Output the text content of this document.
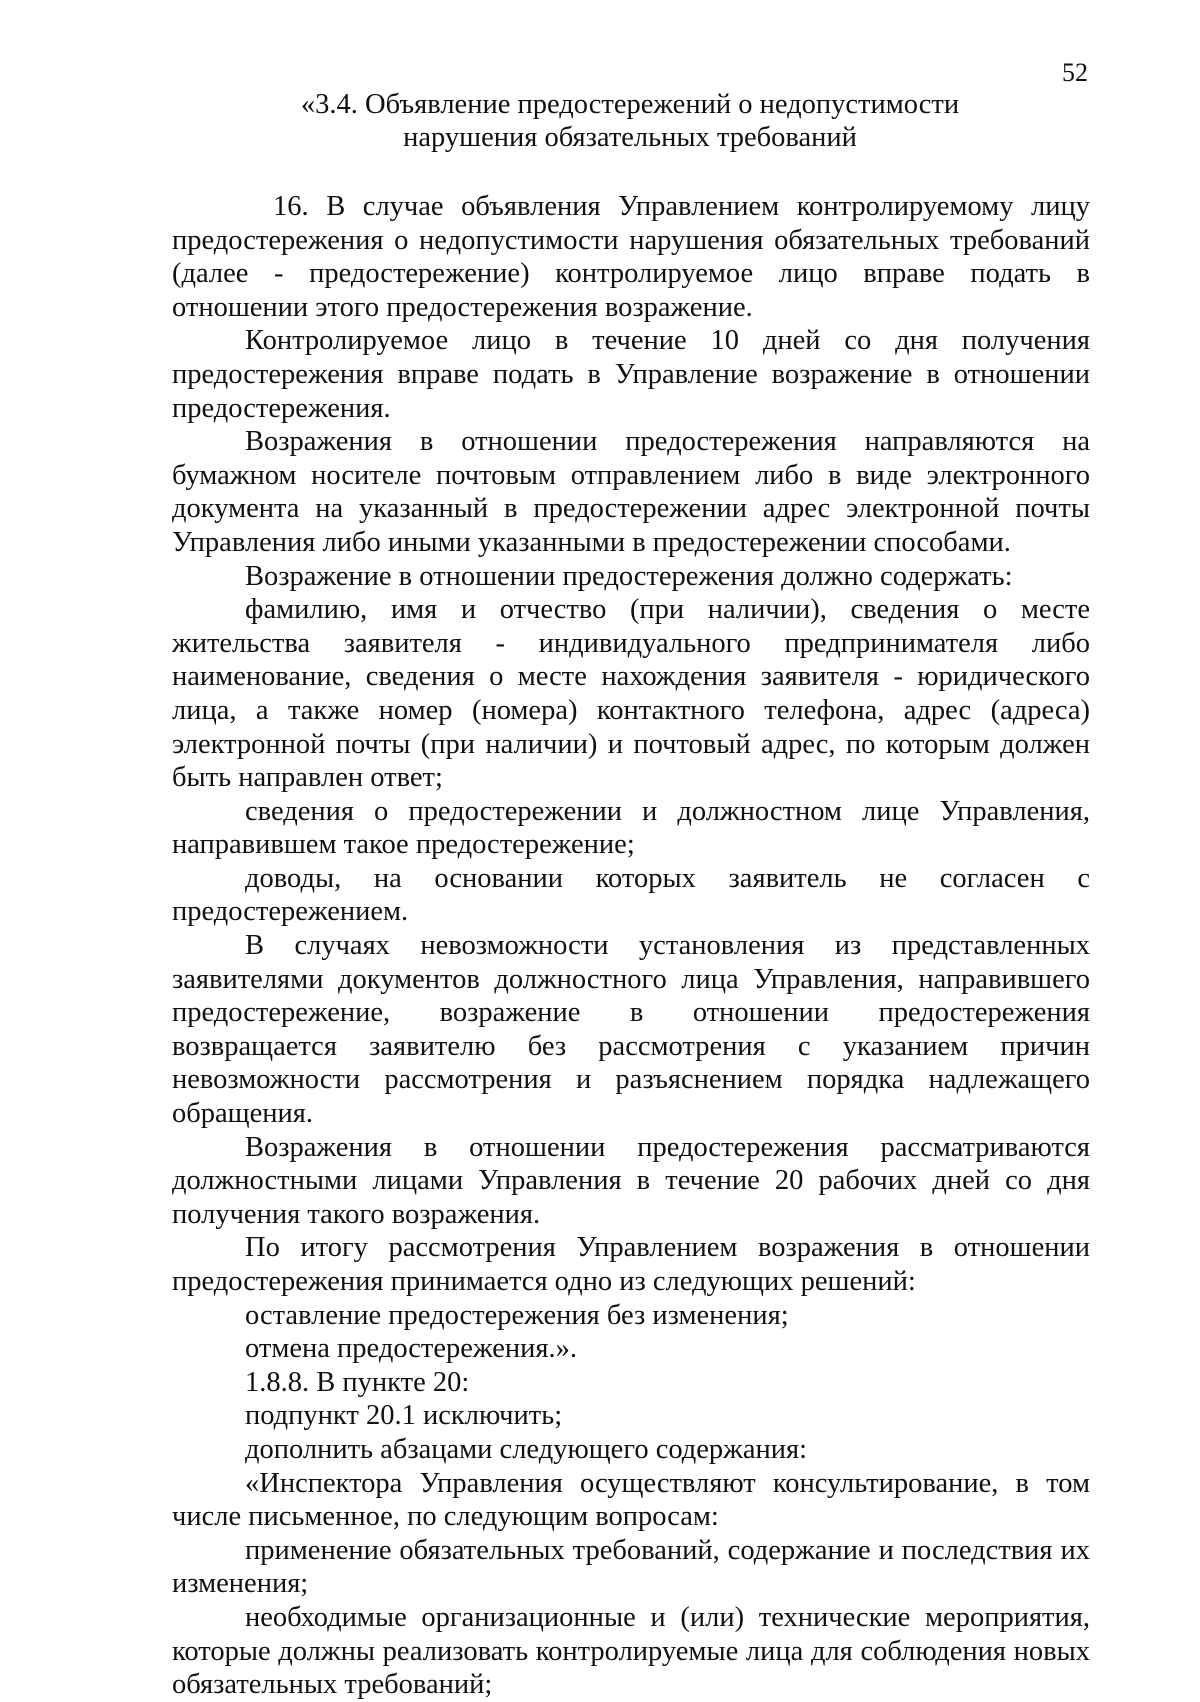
52
«3.4. Объявление предостережений о недопустимости
нарушения обязательных требований

16. В случае объявления Управлением контролируемому лицу предостережения о недопустимости нарушения обязательных требований (далее - предостережение) контролируемое лицо вправе подать в отношении этого предостережения возражение.

Контролируемое лицо в течение 10 дней со дня получения предостережения вправе подать в Управление возражение в отношении предостережения.

Возражения в отношении предостережения направляются на бумажном носителе почтовым отправлением либо в виде электронного документа на указанный в предостережении адрес электронной почты Управления либо иными указанными в предостережении способами.

Возражение в отношении предостережения должно содержать:

фамилию, имя и отчество (при наличии), сведения о месте жительства заявителя - индивидуального предпринимателя либо наименование, сведения о месте нахождения заявителя - юридического лица, а также номер (номера) контактного телефона, адрес (адреса) электронной почты (при наличии) и почтовый адрес, по которым должен быть направлен ответ;

сведения о предостережении и должностном лице Управления, направившем такое предостережение;

доводы, на основании которых заявитель не согласен с предостережением.

В случаях невозможности установления из представленных заявителями документов должностного лица Управления, направившего предостережение, возражение в отношении предостережения возвращается заявителю без рассмотрения с указанием причин невозможности рассмотрения и разъяснением порядка надлежащего обращения.

Возражения в отношении предостережения рассматриваются должностными лицами Управления в течение 20 рабочих дней со дня получения такого возражения.

По итогу рассмотрения Управлением возражения в отношении предостережения принимается одно из следующих решений:

оставление предостережения без изменения;

отмена предостережения.».

1.8.8. В пункте 20:

подпункт 20.1 исключить;

дополнить абзацами следующего содержания:

«Инспектора Управления осуществляют консультирование, в том числе письменное, по следующим вопросам:

применение обязательных требований, содержание и последствия их изменения;

необходимые организационные и (или) технические мероприятия, которые должны реализовать контролируемые лица для соблюдения новых обязательных требований;
